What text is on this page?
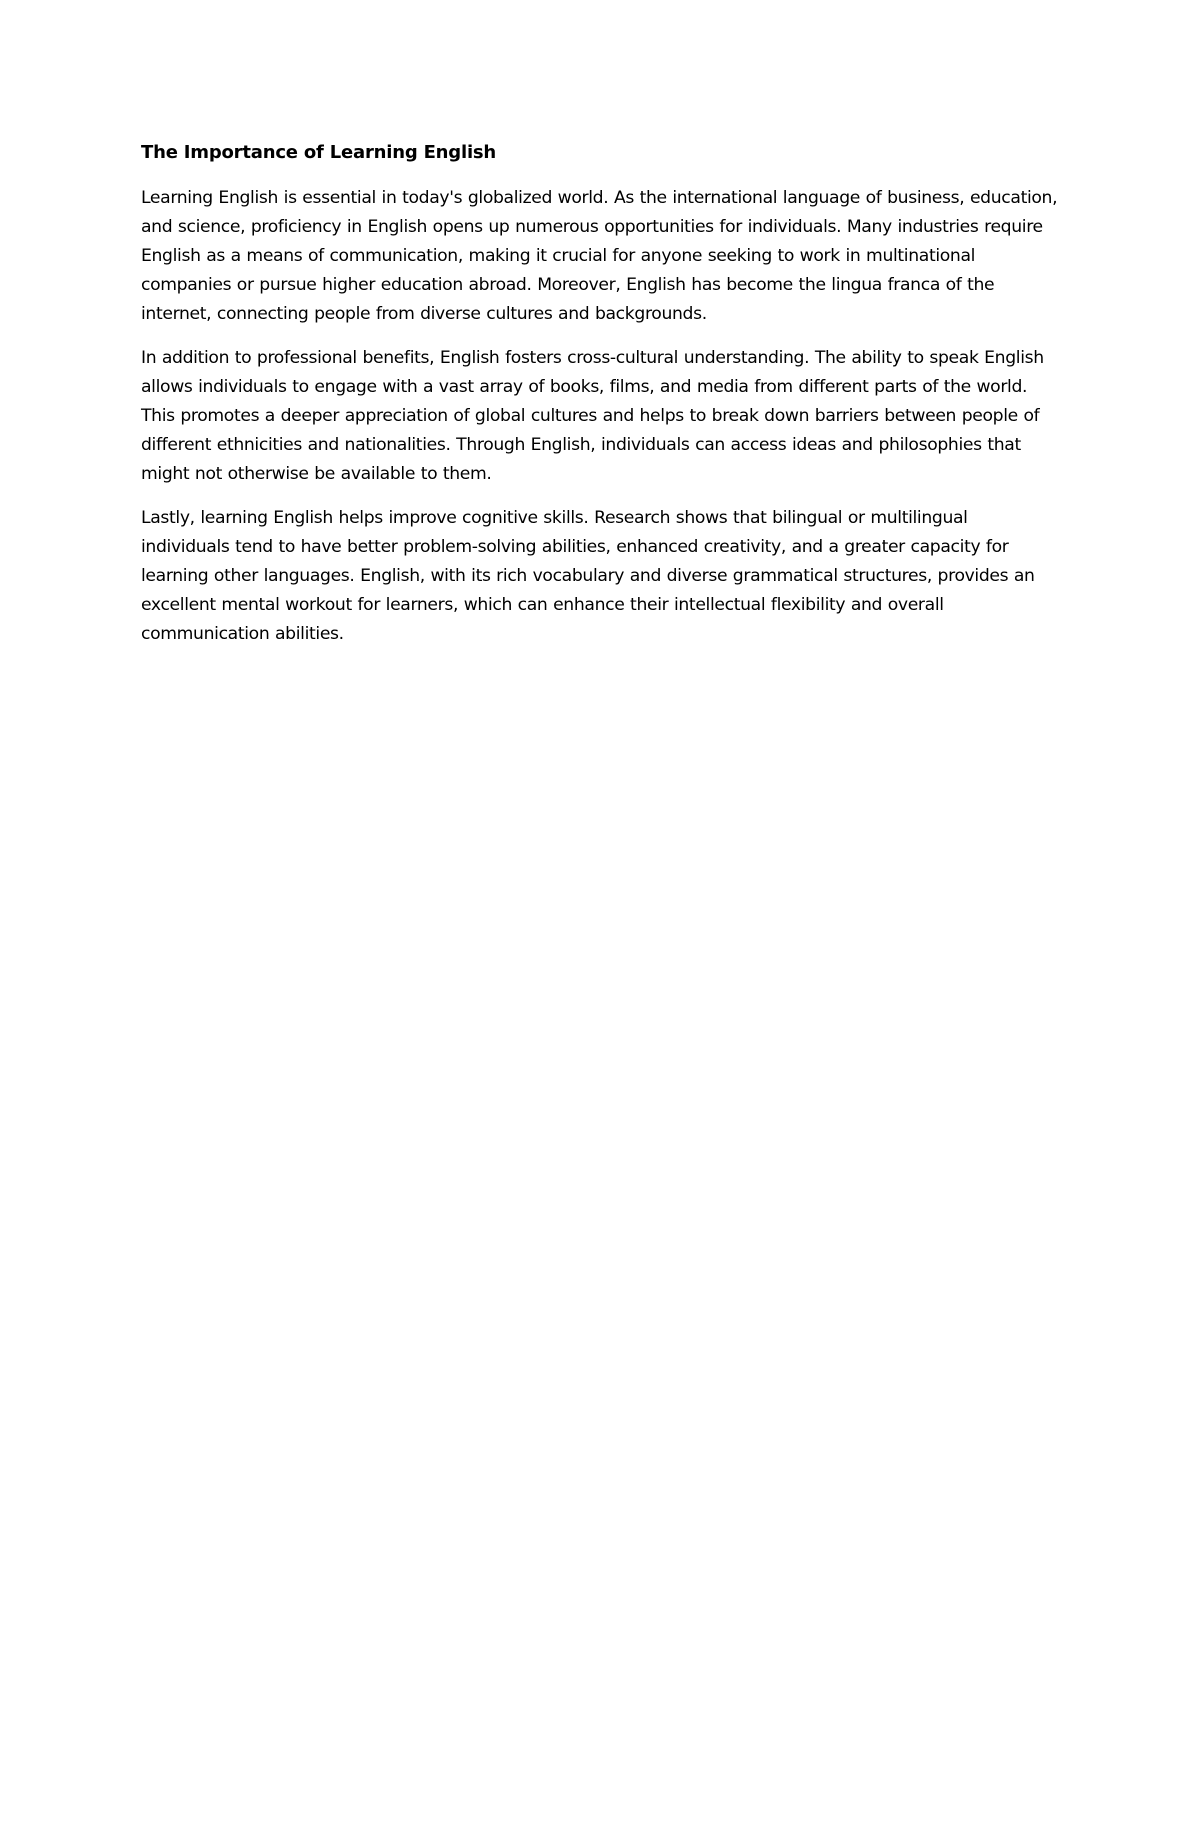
The Importance of Learning English

Learning English is essential in today's globalized world. As the international language of business, education, and science, proficiency in English opens up numerous opportunities for individuals. Many industries require English as a means of communication, making it crucial for anyone seeking to work in multinational companies or pursue higher education abroad. Moreover, English has become the lingua franca of the internet, connecting people from diverse cultures and backgrounds.

In addition to professional benefits, English fosters cross-cultural understanding. The ability to speak English allows individuals to engage with a vast array of books, films, and media from different parts of the world. This promotes a deeper appreciation of global cultures and helps to break down barriers between people of different ethnicities and nationalities. Through English, individuals can access ideas and philosophies that might not otherwise be available to them.

Lastly, learning English helps improve cognitive skills. Research shows that bilingual or multilingual individuals tend to have better problem-solving abilities, enhanced creativity, and a greater capacity for learning other languages. English, with its rich vocabulary and diverse grammatical structures, provides an excellent mental workout for learners, which can enhance their intellectual flexibility and overall communication abilities.
